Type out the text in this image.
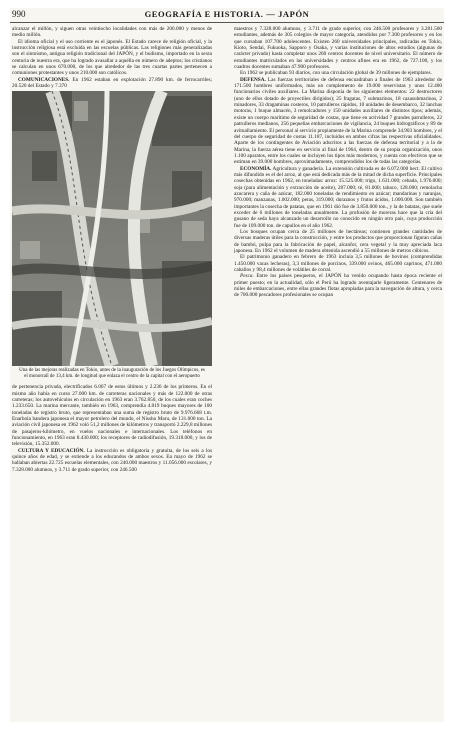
990	GEOGRAFÍA E HISTORIA. — JAPÓN

alcanzar el millón, y siguen otras veintiocho localidades con más de 200.000 y menos de medio millón.

El idioma oficial y el uso corriente es el japonés. El Estado carece de religión oficial, y la instrucción religiosa está excluida en las escuelas públicas. Las religiones más generalizadas son el sintoísmo, antigua religión tradicional del JAPÓN, y el budismo, importado en la sexta centuria de nuestra era, que ha logrado avasallar a aquélla en número de adeptos; los cristianos se calculan en unos 670.000, de los que alrededor de las tres cuartas partes pertenecen a comuniones protestantes y unos 210.000 son católicos.

COMUNICACIONES. En 1962 estaban en explotación 27.890 km. de ferrocarriles; 20.520 del Estado y 7.370

Una de las mejoras realizadas en Tokio, antes de la inauguración de los Juegos Olímpicos, es el monorraíl de 13,4 km. de longitud que enlaza el centro de la capital con el aeropuerto

de pertenencia privada, electrificados 6.067 de estos últimos y 2.236 de los primeros. En el mismo año había en curso 27.000 km. de carreteras nacionales y más de 122.000 de otras carreteras; los autovehículos en circulación en 1963 eran 3.762.850, de los cuales eran coches 1.233.650. La marina mercante, también en 1963, comprendía 4.819 buques mayores de 100 toneladas de registro bruto, que representaban una suma de registro bruto de 9.976.668 t.m. Enarbola bandera japonesa el mayor petrolero del mundo, el Nissho Maru, de 131.000 ton. La aviación civil japonesa en 1962 voló 51,2 millones de kilómetros y transportó 2.229,8 millones de pasajeros-kilómetro, en vuelos nacionales e internacionales. Los teléfonos en funcionamiento, en 1963 eran 8.430.000; los receptores de radiodifusión, 19.318.000, y los de televisión, 15.352.000.

CULTURA Y EDUCACIÓN. La instrucción es obligatoria y gratuita, de los seis a los quince años de edad, y se extiende a los educandos de ambos sexos. En mayo de 1962 se hallaban abiertas 22.725 escuelas elementales, con 240.000 maestros y 11.056.000 escolares, y 7.328.000 alumnos, y 3.711 de grado superior, con 246.500

maestros y 7.328.000 alumnos, y 3.711 de grado superior, con 246.500 profesores y 3.281.500 estudiantes, además de 305 colegios de mayor categoría, atendidos por 7.300 profesores y en los que cursaban 107.700 adolescentes. Existen 260 universidades principales, radicadas en Tokio, Kioto, Sendai, Fukuoka, Sapporo y Osaka, y varias instituciones de altos estudios (algunas de carácter privado) hasta completar unos 260 centros docentes de nivel universitario. El número de estudiantes matriculados en las universidades y centros afines era en 1962, de 727.100, y los cuadros docentes sumaban 47.900 profesores.

En 1962 se publicaban 93 diarios, con una circulación global de 39 millones de ejemplares.

DEFENSA. Las fuerzas territoriales de defensa encuadraban a finales de 1963 alrededor de 171.500 hombres uniformados, más un complemento de 19.000 reservistas y unos 12.400 funcionarios civiles auxiliares. La Marina disponía de los siguientes elementos: 22 destructores (uno de ellos dotado de proyectiles dirigidos); 25 fragatas, 7 submarinos, 18 cazasubmarinos, 2 minadores, 33 dragaminas costeros, 10 patrulleros rápidos, 10 unidades de desembarco, 32 lanchas motoras, 1 buque almacén, 3 remolcadores y 150 unidades auxiliares de distintos tipos; además, existe un cuerpo marítimo de seguridad de costas, que tiene en actividad 7 grandes patrulleros, 22 patrulleros medianos, 256 pequeñas embarcaciones de vigilancia, 24 buques hidrográficos y 89 de avituallamiento. El personal al servicio propiamente de la Marina comprende 34.903 hombres, y el del cuerpo de seguridad de costas 11.187, incluidos en ambos cifras las respectivas oficialidades. Aparte de los contingentes de Aviación adscritos a las fuerzas de defensa territorial y a la de Marina, la fuerza aérea tiene en servicio al final de 1964, dentro de su propia organización, unos 1.100 aparatos, entre los cuales se incluyen los tipos más modernos, y cuenta con efectivos que se estiman en 39.000 hombres, aproximadamente, comprendidos los de todas las categorías.

ECONOMÍA. Agricultura y ganadería. La extensión cultivada es de 6.072.000 hect. El cultivo más difundido es el del arroz, al que está dedicada más de la mitad de dicha superficie. Principales cosechas obtenidas en 1962, en toneladas: arroz: 15.525.000; trigo, 1.631.000; cebada, 1.976.000; soja (para alimentación y extracción de aceite), 287.000; té, 81.000; tabaco, 128.000; remolacha azucarera y caña de azúcar, 182.000 toneladas de rendimiento en azúcar; mandarinas y naranjas, 970.000; manzanas, 1.002.000; peras, 319.000; duraznos y frutos ácidos, 1.000.000. Son también importantes la cosecha de patatas, que en 1961 dió fue de 3.850.000 ton., y la de batatas, que suele exceder de 6 millones de toneladas anualmente. La profusión de moreras hace que la cría del gusano de seda haya alcanzado un desarrollo no conocido en ningún otro país, cuya producción fue de 109.000 ton. de capullos en el año 1962.

Los bosques ocupan cerca de 25 millones de hectáreas; contienen grandes cantidades de diversas maderas útiles para la construcción, y entre los productos que proporcionan figuran cañas de bambú, pulpa para la fabricación de papel, alcanfor, cera vegetal y la muy apreciada laca japonesa. En 1962 el volumen de madera obtenida ascendió a 55 millones de metros cúbicos.

El patrimonio ganadero en febrero de 1963 incluía 3,5 millones de bovinos (comprendidas 1.450.000 vacas lecheras), 3,3 millones de porcinos, 339.000 ovinos, 465.000 caprinos, 471.000 caballos y 98,4 millones de volátiles de corral.

Pesca. Entre los países pesqueros, el JAPÓN ha venido ocupando hasta época reciente el primer puesto; en la actualidad, sólo el Perú ha logrado aventajarle ligeramente. Centenares de miles de embarcaciones, entre ellas grandes flotas apropiadas para la navegación de altura, y cerca de 700.000 pescadores profesionales se ocupan
